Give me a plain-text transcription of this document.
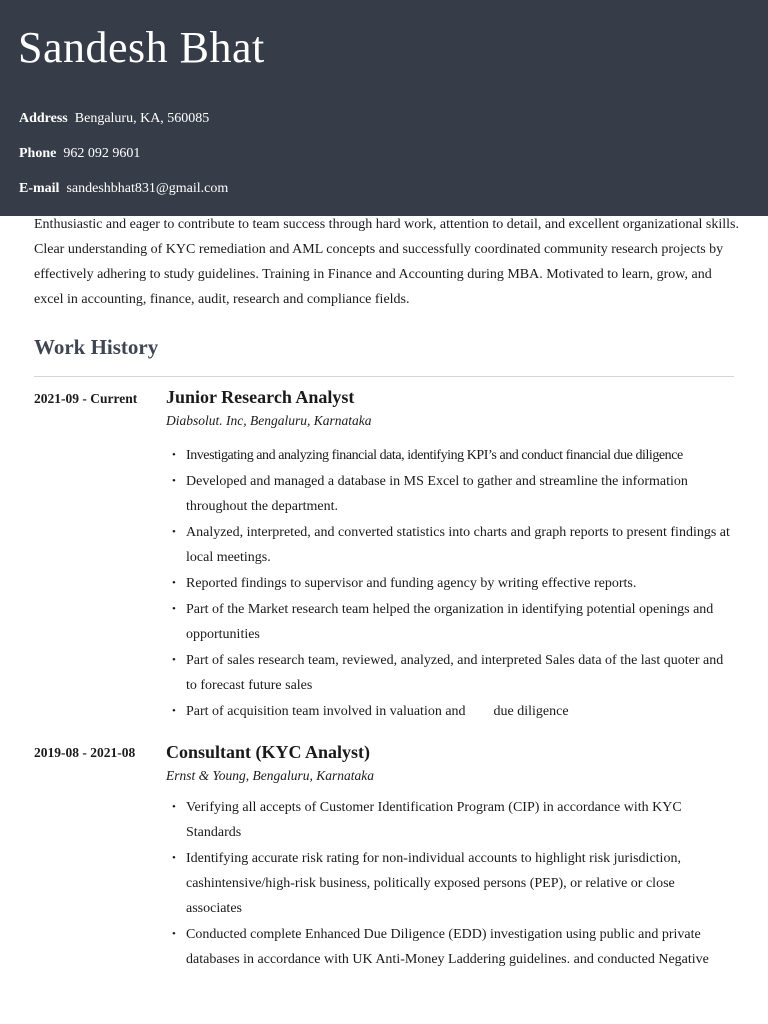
Sandesh Bhat
Address Bengaluru, KA, 560085
Phone 962 092 9601
E-mail sandeshbhat831@gmail.com

Enthusiastic and eager to contribute to team success through hard work, attention to detail, and excellent organizational skills. Clear understanding of KYC remediation and AML concepts and successfully coordinated community research projects by effectively adhering to study guidelines. Training in Finance and Accounting during MBA. Motivated to learn, grow, and excel in accounting, finance, audit, research and compliance fields.

Work History
2021-09 - Current Junior Research Analyst
Diabsolut. Inc, Bengaluru, Karnataka
• Investigating and analyzing financial data, identifying KPI’s and conduct financial due diligence
• Developed and managed a database in MS Excel to gather and streamline the information throughout the department.
• Analyzed, interpreted, and converted statistics into charts and graph reports to present findings at local meetings.
• Reported findings to supervisor and funding agency by writing effective reports.
• Part of the Market research team helped the organization in identifying potential openings and opportunities
• Part of sales research team, reviewed, analyzed, and interpreted Sales data of the last quoter and to forecast future sales
• Part of acquisition team involved in valuation and        due diligence
2019-08 - 2021-08 Consultant (KYC Analyst)
Ernst & Young, Bengaluru, Karnataka
• Verifying all accepts of Customer Identification Program (CIP) in accordance with KYC Standards
• Identifying accurate risk rating for non-individual accounts to highlight risk jurisdiction, cashintensive/high-risk business, politically exposed persons (PEP), or relative or close associates
• Conducted complete Enhanced Due Diligence (EDD) investigation using public and private databases in accordance with UK Anti-Money Laddering guidelines. and conducted Negative
